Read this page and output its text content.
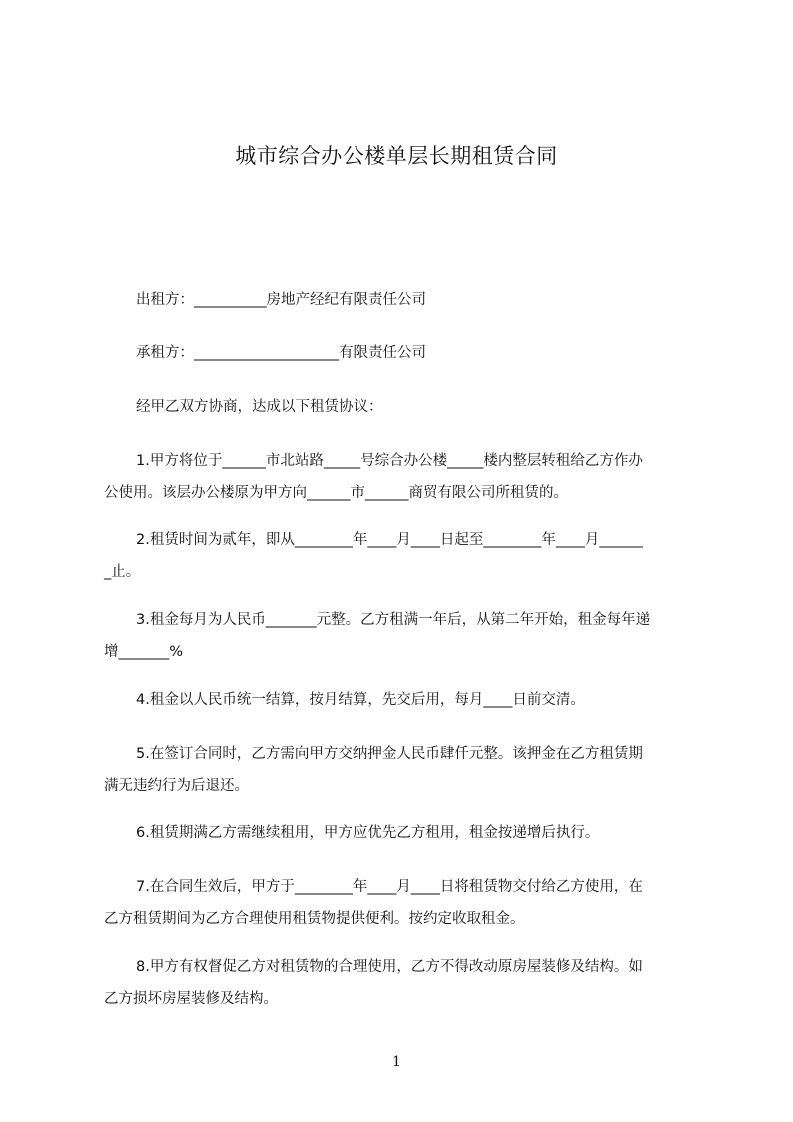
城市综合办公楼单层长期租赁合同

出租方：__________房地产经纪有限责任公司

承租方：____________________有限责任公司

经甲乙双方协商，达成以下租赁协议：

1.甲方将位于______市北站路_____号综合办公楼_____楼内整层转租给乙方作办
公使用。该层办公楼原为甲方向______市______商贸有限公司所租赁的。

2.租赁时间为贰年，即从________年____月____日起至________年____月______
_止。

3.租金每月为人民币_______元整。乙方租满一年后，从第二年开始，租金每年递
增_______%

4.租金以人民币统一结算，按月结算，先交后用，每月____日前交清。

5.在签订合同时，乙方需向甲方交纳押金人民币肆仟元整。该押金在乙方租赁期
满无违约行为后退还。

6.租赁期满乙方需继续租用，甲方应优先乙方租用，租金按递增后执行。

7.在合同生效后，甲方于________年____月____日将租赁物交付给乙方使用，在
乙方租赁期间为乙方合理使用租赁物提供便利。按约定收取租金。

8.甲方有权督促乙方对租赁物的合理使用，乙方不得改动原房屋装修及结构。如
乙方损坏房屋装修及结构。

1
